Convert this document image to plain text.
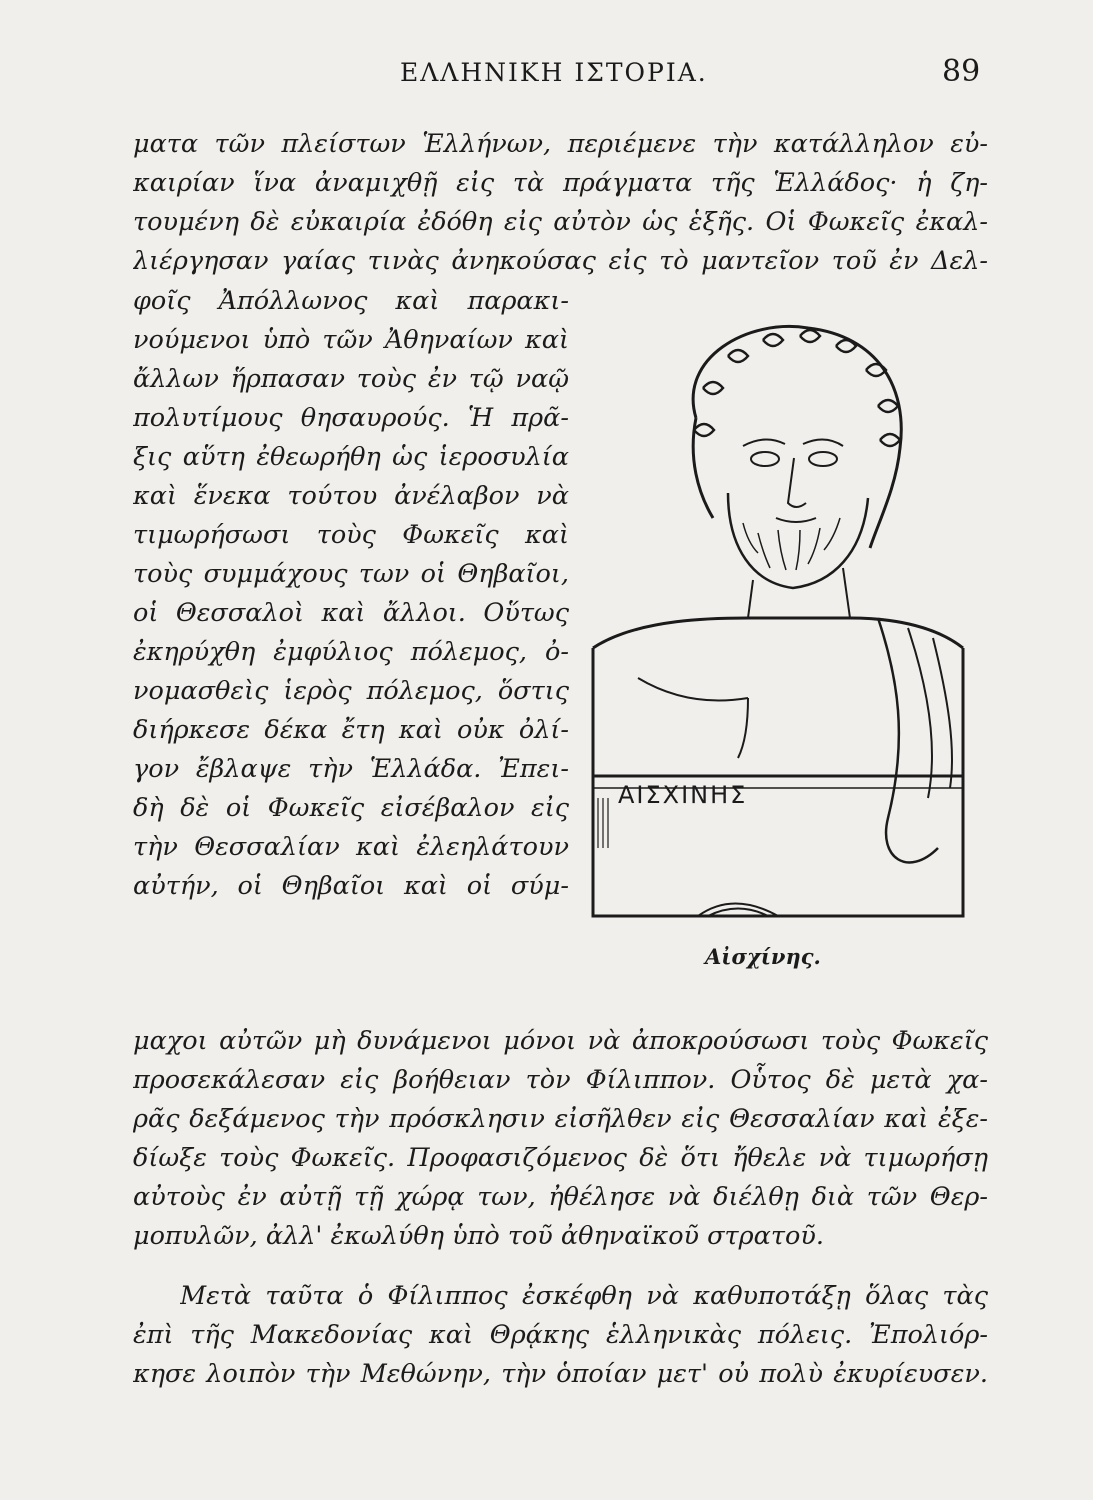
ΕΛΛΗΝΙΚΗ ΙΣΤΟΡΙΑ.	89
ματα τῶν πλείστων Ἑλλήνων, περιέμενε τὴν κατάλληλον εὐ-
καιρίαν ἵνα ἀναμιχθῇ εἰς τὰ πράγματα τῆς Ἑλλάδος· ἡ ζη-
τουμένη δὲ εὐκαιρία ἐδόθη εἰς αὐτὸν ὡς ἑξῆς. Οἱ Φωκεῖς ἐκαλ-
λιέργησαν γαίας τινὰς ἀνηκούσας εἰς τὸ μαντεῖον τοῦ ἐν Δελ-
φοῖς Ἀπόλλωνος καὶ παρακι-
νούμενοι ὑπὸ τῶν Ἀθηναίων καὶ
ἄλλων ἥρπασαν τοὺς ἐν τῷ ναῷ
πολυτίμους θησαυρούς. Ἡ πρᾶ-
ξις αὕτη ἐθεωρήθη ὡς ἱεροσυλία
καὶ ἕνεκα τούτου ἀνέλαβον νὰ
τιμωρήσωσι τοὺς Φωκεῖς καὶ
τοὺς συμμάχους των οἱ Θηβαῖοι,
οἱ Θεσσαλοὶ καὶ ἄλλοι. Οὕτως
ἐκηρύχθη ἐμφύλιος πόλεμος, ὀ-
νομασθεὶς ἱερὸς πόλεμος, ὅστις
διήρκεσε δέκα ἔτη καὶ οὐκ ὀλί-
γον ἔβλαψε τὴν Ἑλλάδα. Ἐπει-
δὴ δὲ οἱ Φωκεῖς εἰσέβαλον εἰς
τὴν Θεσσαλίαν καὶ ἐλεηλάτουν
αὐτήν, οἱ Θηβαῖοι καὶ οἱ σύμ-
μαχοι αὐτῶν μὴ δυνάμενοι μόνοι νὰ ἀποκρούσωσι τοὺς Φωκεῖς
προσεκάλεσαν εἰς βοήθειαν τὸν Φίλιππον. Οὗτος δὲ μετὰ χα-
ρᾶς δεξάμενος τὴν πρόσκλησιν εἰσῆλθεν εἰς Θεσσαλίαν καὶ ἐξε-
δίωξε τοὺς Φωκεῖς. Προφασιζόμενος δὲ ὅτι ἤθελε νὰ τιμωρήσῃ
αὐτοὺς ἐν αὐτῇ τῇ χώρᾳ των, ἠθέλησε νὰ διέλθῃ διὰ τῶν Θερ-
μοπυλῶν, ἀλλ' ἐκωλύθη ὑπὸ τοῦ ἀθηναϊκοῦ στρατοῦ.
Μετὰ ταῦτα ὁ Φίλιππος ἐσκέφθη νὰ καθυποτάξῃ ὅλας τὰς
ἐπὶ τῆς Μακεδονίας καὶ Θρᾴκης ἑλληνικὰς πόλεις. Ἐπολιόρ-
κησε λοιπὸν τὴν Μεθώνην, τὴν ὁποίαν μετ' οὐ πολὺ ἐκυρίευσεν.
ΑΙΣΧΙΝΗΣ
Αἰσχίνης.
